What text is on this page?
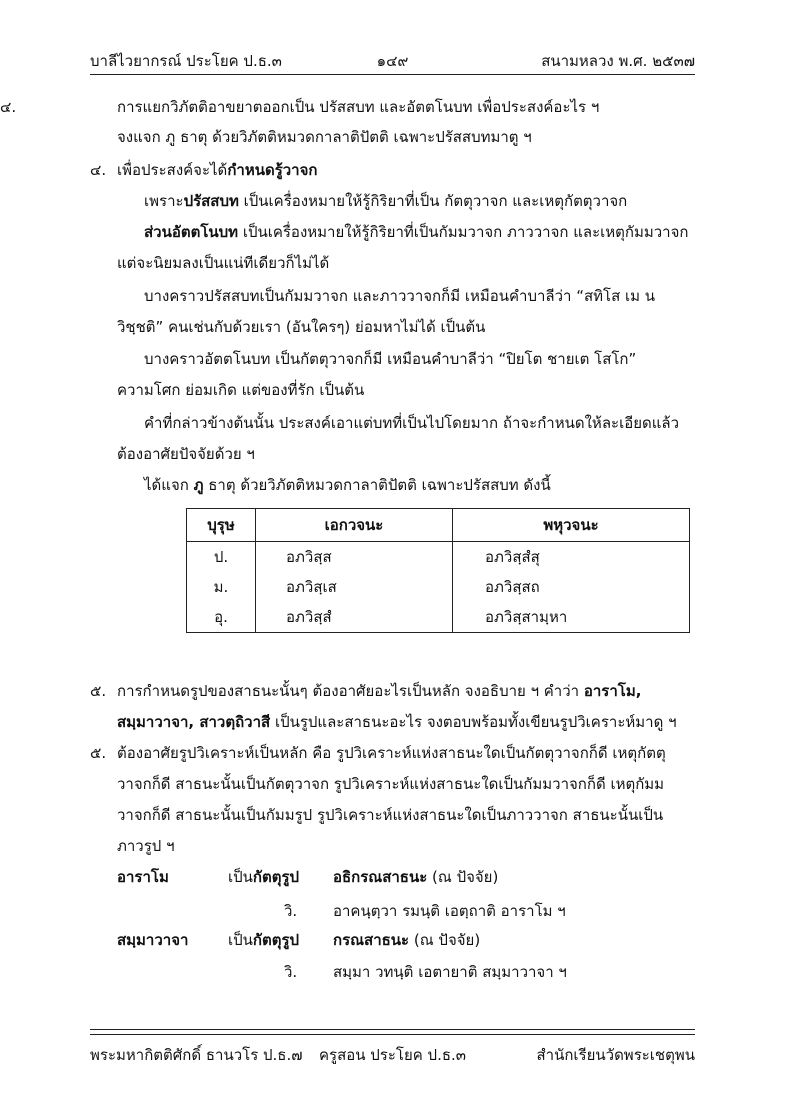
บาลีไวยากรณ์ ประโยค ป.ธ.๓	๑๔๙	สนามหลวง พ.ศ. ๒๕๓๗
๔.	การแยกวิภัตติอาขยาตออกเป็น ปรัสสบท และอัตตโนบท เพื่อประสงค์อะไร ฯ
จงแจก ภู ธาตุ ด้วยวิภัตติหมวดกาลาติปัตติ เฉพาะปรัสสบทมาตู ฯ
๔. เพื่อประสงค์จะได้กำหนดรู้วาจก
เพราะปรัสสบท เป็นเครื่องหมายให้รู้กิริยาที่เป็น กัตตุวาจก และเหตุกัตตุวาจก
ส่วนอัตตโนบท เป็นเครื่องหมายให้รู้กิริยาที่เป็นกัมมวาจก ภาววาจก และเหตุกัมมวาจก
แต่จะนิยมลงเป็นแน่ทีเดียวก็ไม่ได้
บางคราวปรัสสบทเป็นกัมมวาจก และภาววาจกก็มี เหมือนคำบาลีว่า “สทิโส เม น
วิชฺชติ” คนเช่นกับด้วยเรา (อันใครๆ) ย่อมหาไม่ได้ เป็นต้น
บางคราวอัตตโนบท เป็นกัตตุวาจกก็มี เหมือนคำบาลีว่า “ปิยโต ชายเต โสโก”
ความโศก ย่อมเกิด แต่ของที่รัก เป็นต้น
คำที่กล่าวข้างต้นนั้น ประสงค์เอาแต่บทที่เป็นไปโดยมาก ถ้าจะกำหนดให้ละเอียดแล้ว
ต้องอาศัยปัจจัยด้วย ฯ
ได้แจก ภู ธาตุ ด้วยวิภัตติหมวดกาลาติปัตติ เฉพาะปรัสสบท ดังนี้
บุรุษ	เอกวจนะ	พหุวจนะ
ป.	อภวิสฺส	อภวิสฺสํสุ
ม.	อภวิสฺเส	อภวิสฺสถ
อุ.	อภวิสฺสํ	อภวิสฺสามฺหา
๕. การกำหนดรูปของสาธนะนั้นๆ ต้องอาศัยอะไรเป็นหลัก จงอธิบาย ฯ คำว่า อาราโม,
สมฺมาวาจา, สาวตฺถิวาสี เป็นรูปและสาธนะอะไร จงตอบพร้อมทั้งเขียนรูปวิเคราะห์มาดู ฯ
๕. ต้องอาศัยรูปวิเคราะห์เป็นหลัก คือ รูปวิเคราะห์แห่งสาธนะใดเป็นกัตตุวาจกก็ดี เหตุกัตตุ
วาจกก็ดี สาธนะนั้นเป็นกัตตุวาจก รูปวิเคราะห์แห่งสาธนะใดเป็นกัมมวาจกก็ดี เหตุกัมม
วาจกก็ดี สาธนะนั้นเป็นกัมมรูป รูปวิเคราะห์แห่งสาธนะใดเป็นภาววาจก สาธนะนั้นเป็น
ภาวรูป ฯ
อาราโม	เป็นกัตตุรูป อธิกรณสาธนะ (ณ ปัจจัย)
วิ. อาคนฺตฺวา รมนฺติ เอตฺถาติ อาราโม ฯ
สมฺมาวาจา	เป็นกัตตุรูป กรณสาธนะ (ณ ปัจจัย)
วิ. สมฺมา วทนฺติ เอตายาติ สมฺมาวาจา ฯ
พระมหากิตติศักดิ์ ธานวโร ป.ธ.๗	ครูสอน ประโยค ป.ธ.๓	สำนักเรียนวัดพระเชตุพน
